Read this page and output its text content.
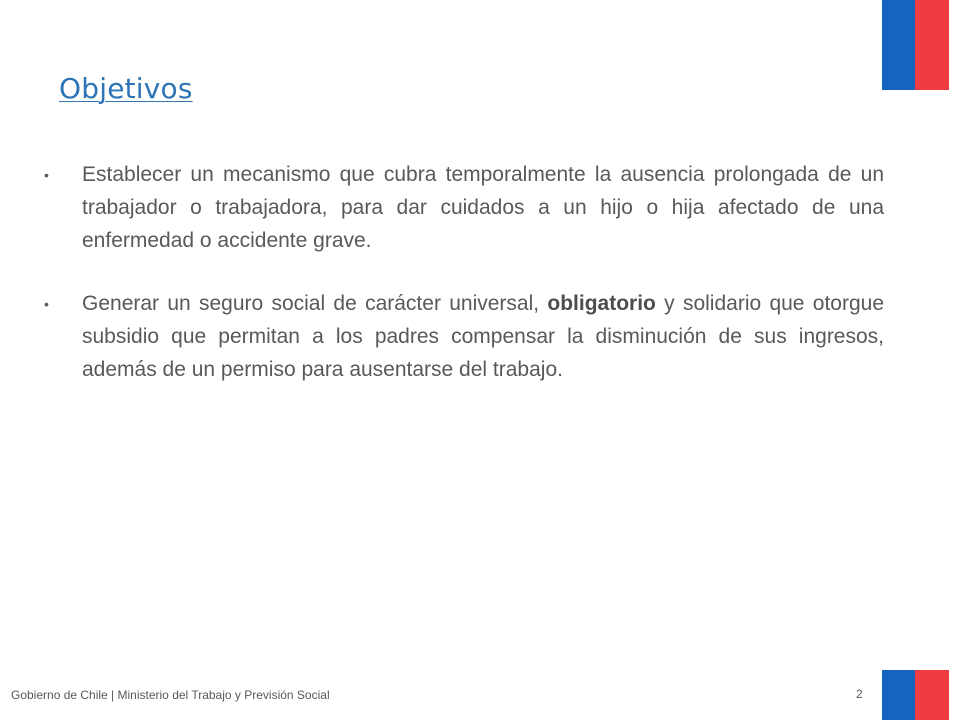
Objetivos
•	Establecer un mecanismo que cubra temporalmente la ausencia prolongada de un trabajador o trabajadora, para dar cuidados a un hijo o hija afectado de una enfermedad o accidente grave.
•	Generar un seguro social de carácter universal, obligatorio y solidario que otorgue subsidio que permitan a los padres compensar la disminución de sus ingresos, además de un permiso para ausentarse del trabajo.
Gobierno de Chile | Ministerio del Trabajo y Previsión Social	2
